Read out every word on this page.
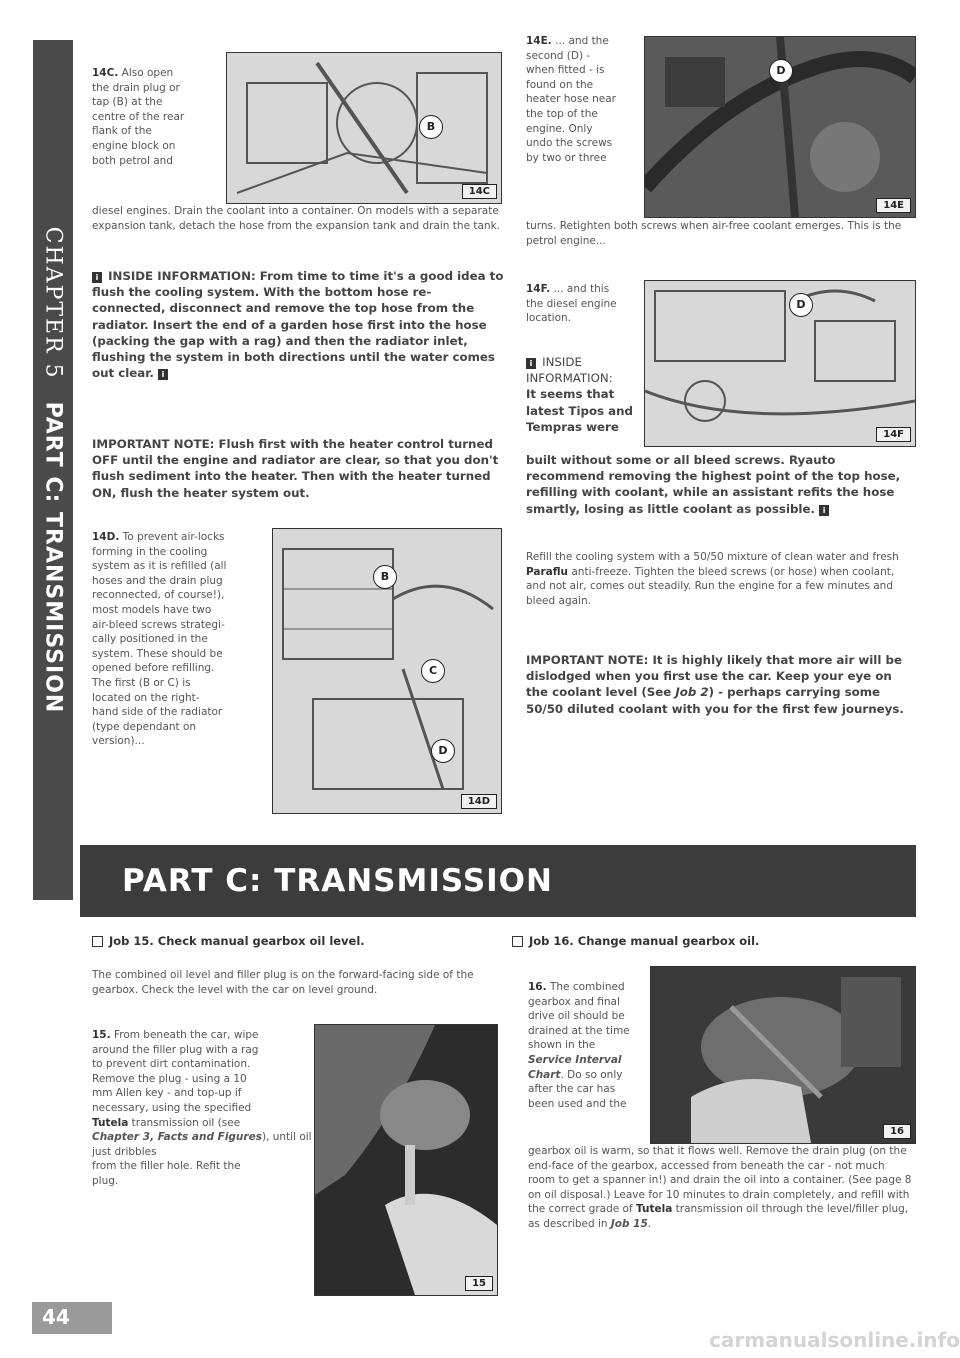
CHAPTER 5PART C: TRANSMISSION
14C. Also open
the drain plug or
tap (B) at the
centre of the rear
flank of the
engine block on
both petrol and
B
14C
diesel engines. Drain the coolant into a container. On models with a separate expansion tank, detach the hose from the expansion tank and drain the tank.
i INSIDE INFORMATION: From time to time it's a good idea to flush the cooling system. With the bottom hose re-connected, disconnect and remove the top hose from the radiator. Insert the end of a garden hose first into the hose (packing the gap with a rag) and then the radiator inlet, flushing the system in both directions until the water comes out clear. i
IMPORTANT NOTE: Flush first with the heater control turned OFF until the engine and radiator are clear, so that you don't flush sediment into the heater. Then with the heater turned ON, flush the heater system out.
14D. To prevent air-locks
forming in the cooling
system as it is refilled (all
hoses and the drain plug
reconnected, of course!),
most models have two
air-bleed screws strategi-
cally positioned in the
system. These should be
opened before refilling.
The first (B or C) is
located on the right-
hand side of the radiator
(type dependant on
version)...
B
C
D
14D
14E. ... and the
second (D) -
when fitted - is
found on the
heater hose near
the top of the
engine. Only
undo the screws
by two or three
D
14E
turns. Retighten both screws when air-free coolant emerges. This is the petrol engine...
14F. ... and this
the diesel engine
location.
D
14F
i INSIDE
INFORMATION:
It seems that
latest Tipos and
Tempras were
built without some or all bleed screws. Ryauto recommend removing the highest point of the top hose, refilling with coolant, while an assistant refits the hose smartly, losing as little coolant as possible. i
Refill the cooling system with a 50/50 mixture of clean water and fresh Paraflu anti-freeze. Tighten the bleed screws (or hose) when coolant, and not air, comes out steadily. Run the engine for a few minutes and bleed again.
IMPORTANT NOTE: It is highly likely that more air will be dislodged when you first use the car. Keep your eye on the coolant level (See Job 2) - perhaps carrying some 50/50 diluted coolant with you for the first few journeys.
PART C: TRANSMISSION
Job 15. Check manual gearbox oil level.
The combined oil level and filler plug is on the forward-facing side of the gearbox. Check the level with the car on level ground.
15. From beneath the car, wipe
around the filler plug with a rag
to prevent dirt contamination.
Remove the plug - using a 10
mm Allen key - and top-up if
necessary, using the specified
Tutela transmission oil (see
Chapter 3, Facts and Figures), until oil just dribbles
from the filler hole. Refit the
plug.
15
Job 16. Change manual gearbox oil.
16. The combined
gearbox and final
drive oil should be
drained at the time
shown in the
Service Interval Chart. Do so only
after the car has
been used and the
16
gearbox oil is warm, so that it flows well. Remove the drain plug (on the end-face of the gearbox, accessed from beneath the car - not much room to get a spanner in!) and drain the oil into a container. (See page 8 on oil disposal.) Leave for 10 minutes to drain completely, and refill with the correct grade of Tutela transmission oil through the level/filler plug, as described in Job 15.
44
carmanualsonline.info
